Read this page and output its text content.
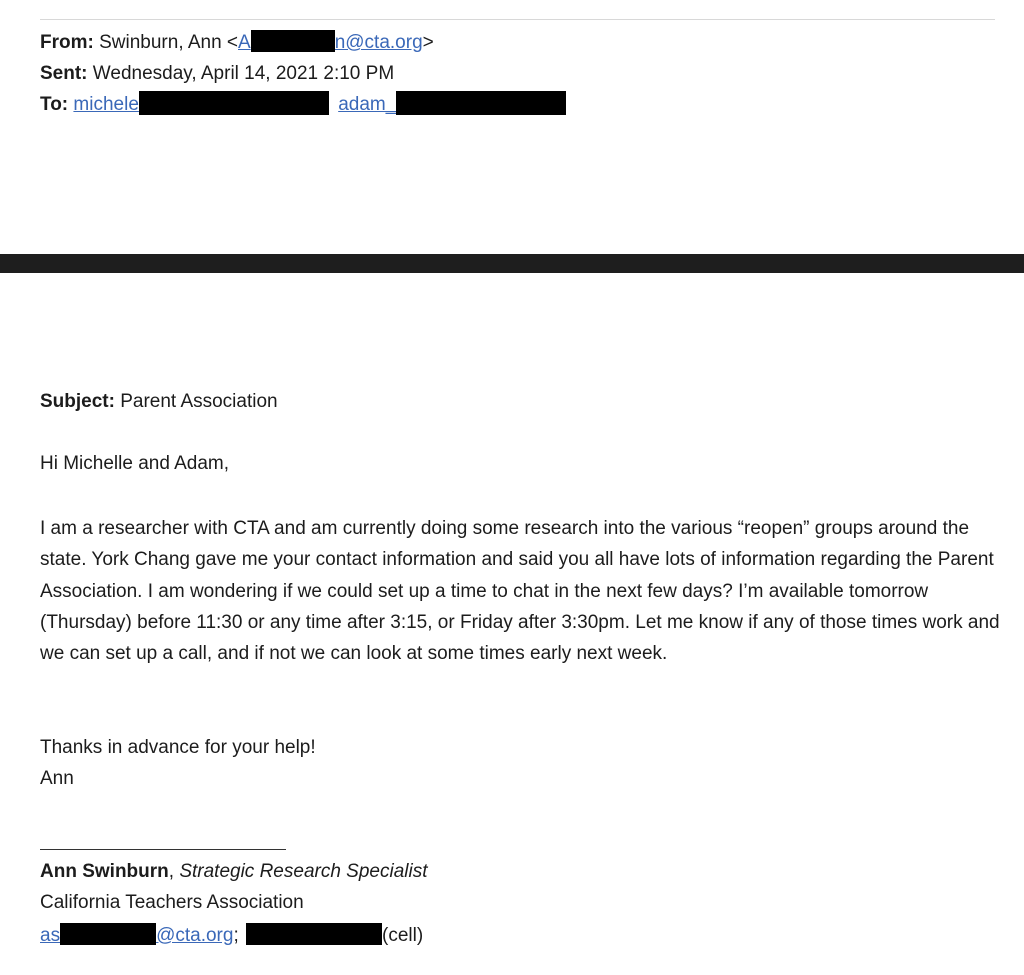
From: Swinburn, Ann <A	n@cta.org>
Sent: Wednesday, April 14, 2021 2:10 PM
To: michele	adam_
Subject: Parent Association
Hi Michelle and Adam,
I am a researcher with CTA and am currently doing some research into the various “reopen” groups around the state. York Chang gave me your contact information and said you all have lots of information regarding the Parent Association. I am wondering if we could set up a time to chat in the next few days? I’m available tomorrow (Thursday) before 11:30 or any time after 3:15, or Friday after 3:30pm. Let me know if any of those times work and we can set up a call, and if not we can look at some times early next week.
Thanks in advance for your help!
Ann
Ann Swinburn, Strategic Research Specialist
California Teachers Association
as	@cta.org;	(cell)
